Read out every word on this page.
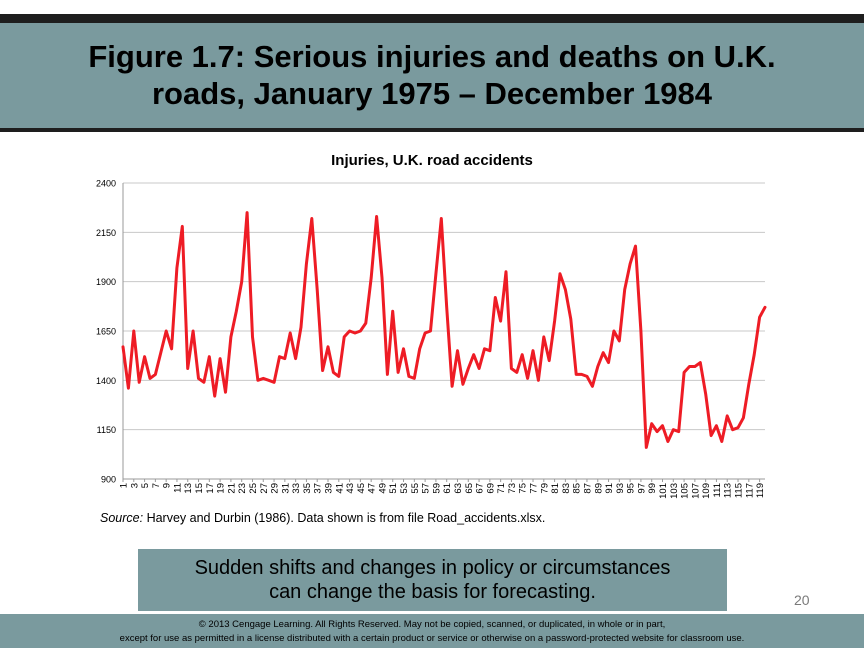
Figure 1.7: Serious injuries and deaths on U.K.
roads, January 1975 – December 1984
Injuries, U.K. road accidents
900
1150
1400
1650
1900
2150
2400
1 3 5 7 9 11 13 15 17 19 21 23 25 27 29 31 33 35 37 39 41 43 45 47 49 51 53 55 57 59 61 63 65 67 69 71 73 75 77 79 81 83 85 87 89 91 93 95 97 99 101 103 105 107 109 111 113 115 117 119
Source: Harvey and Durbin (1986). Data shown is from file Road_accidents.xlsx.
Sudden shifts and changes in policy or circumstances
can change the basis for forecasting.	20
© 2013 Cengage Learning. All Rights Reserved. May not be copied, scanned, or duplicated, in whole or in part,
except for use as permitted in a license distributed with a certain product or service or otherwise on a password-protected website for classroom use.
